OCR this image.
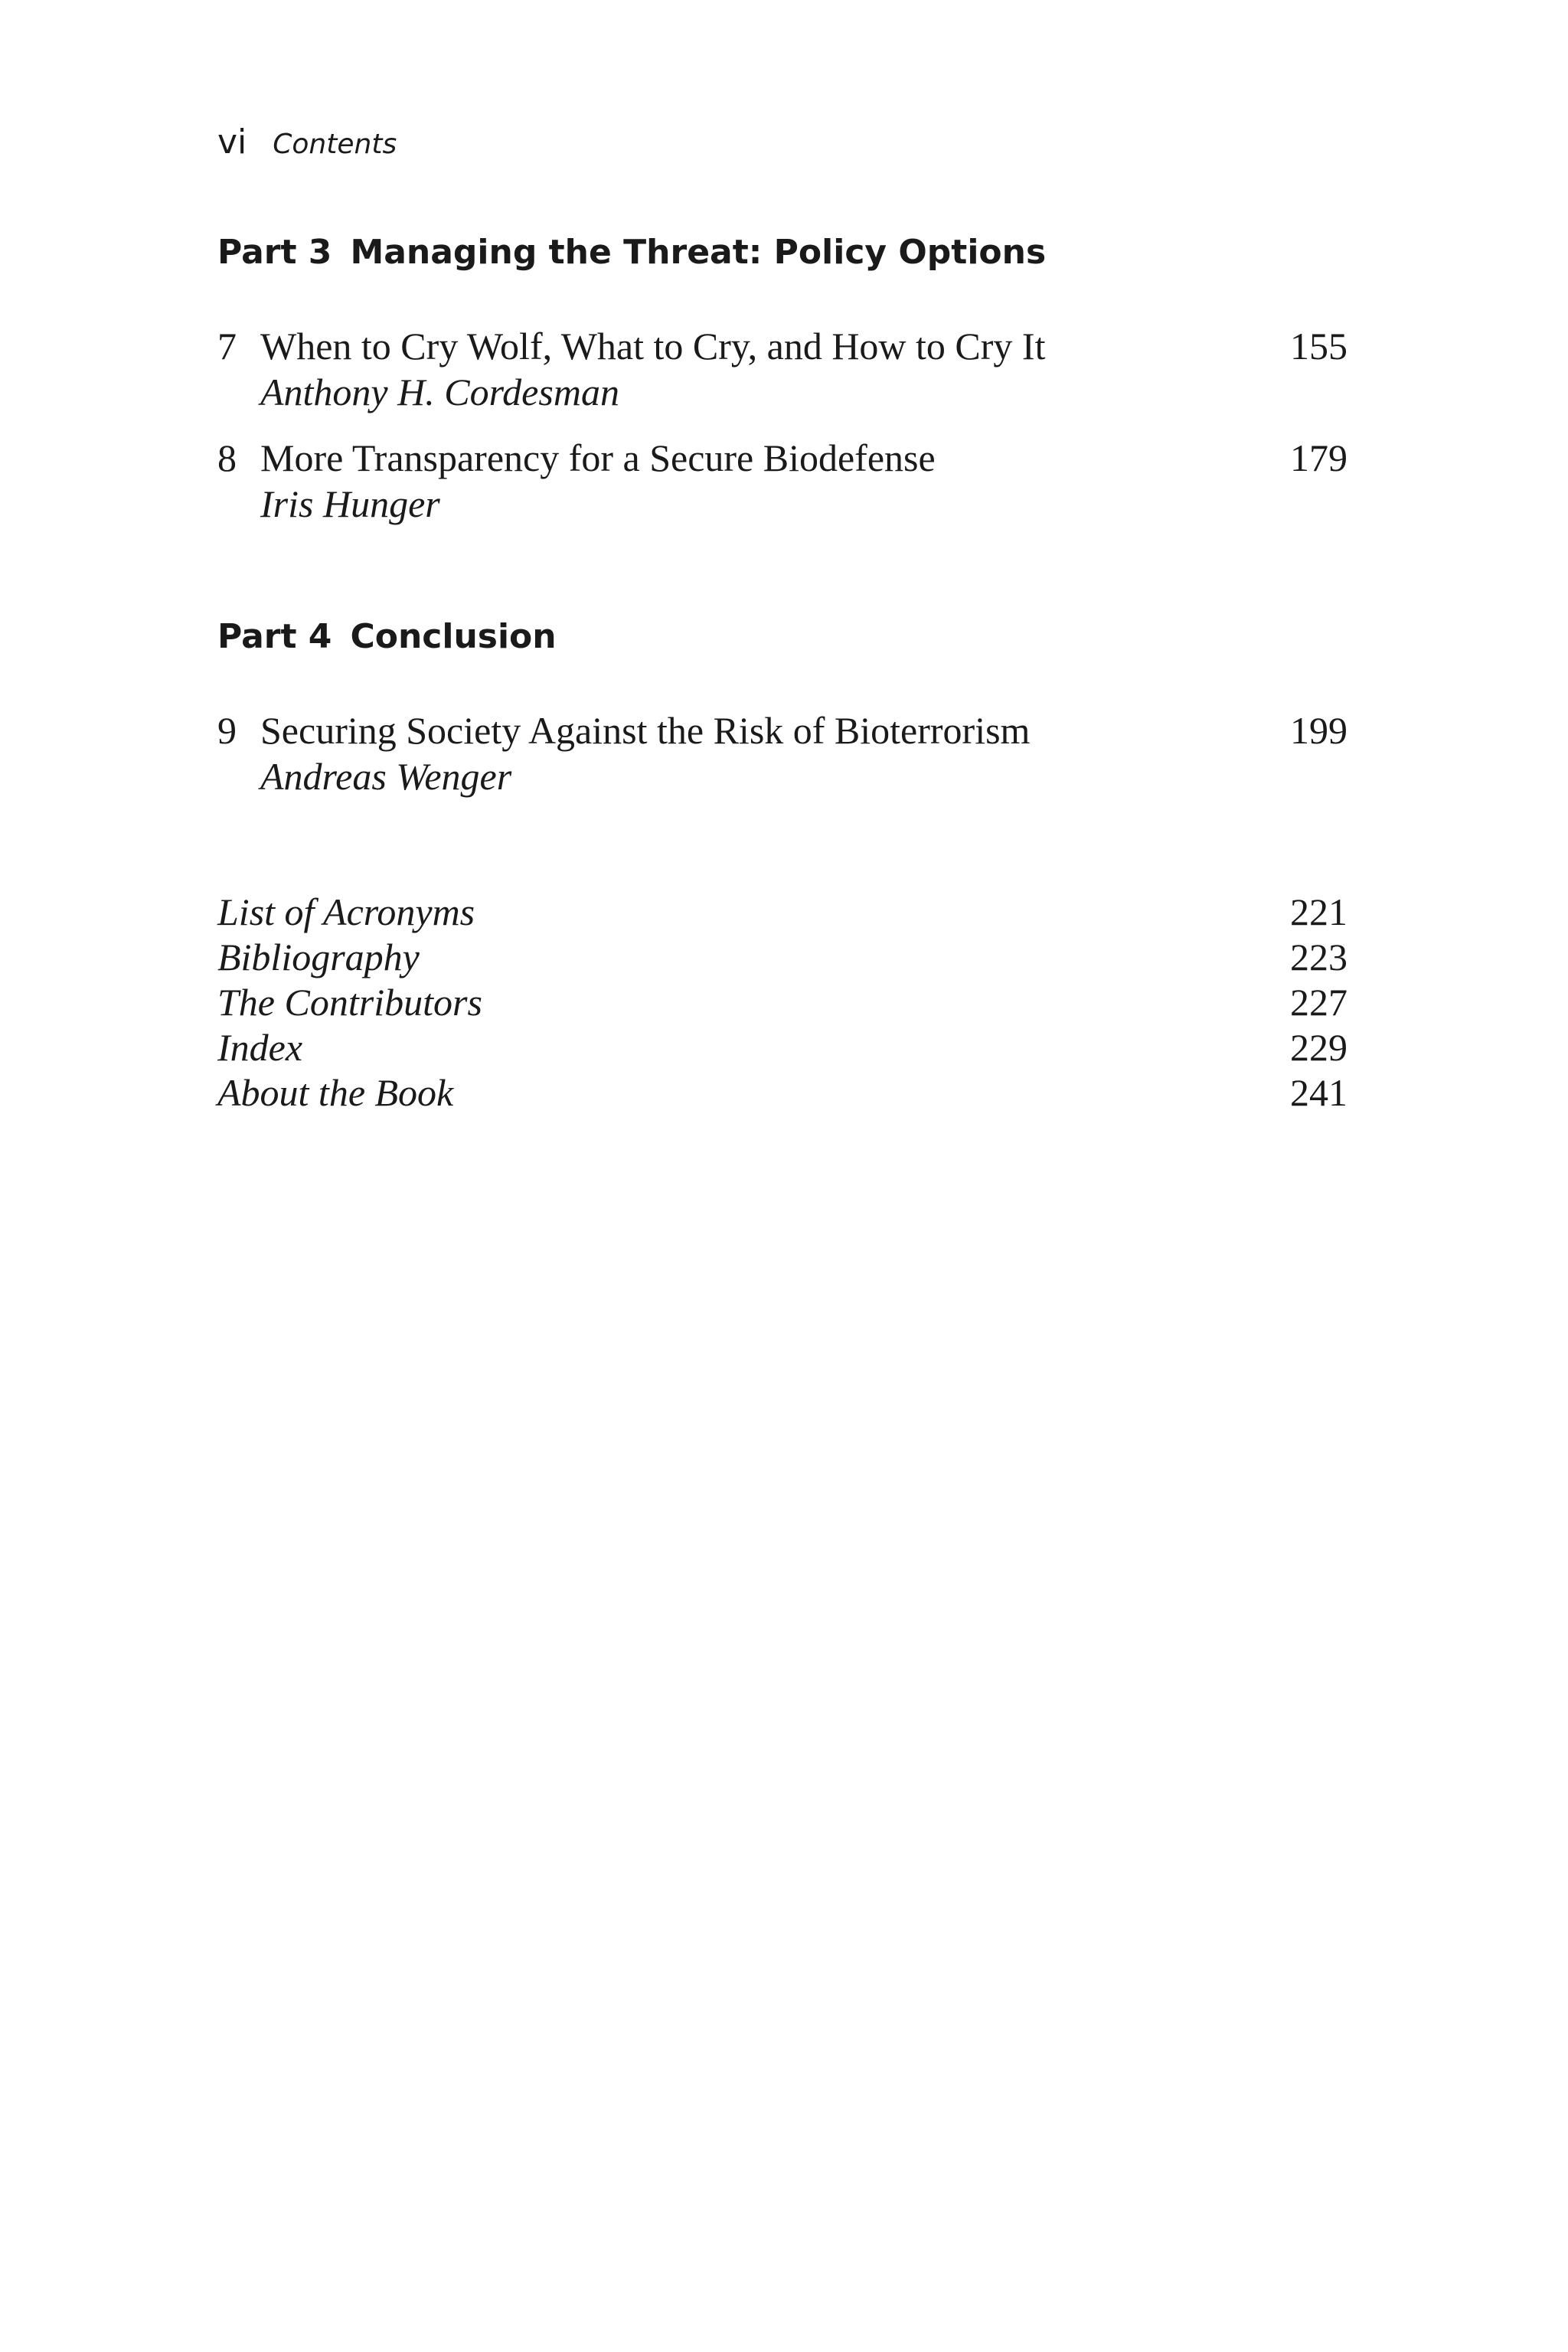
vi Contents
Part 3 Managing the Threat: Policy Options
7 When to Cry Wolf, What to Cry, and How to Cry It	155
Anthony H. Cordesman
8 More Transparency for a Secure Biodefense	179
Iris Hunger
Part 4 Conclusion
9 Securing Society Against the Risk of Bioterrorism	199
Andreas Wenger
List of Acronyms	221
Bibliography	223
The Contributors	227
Index	229
About the Book	241
